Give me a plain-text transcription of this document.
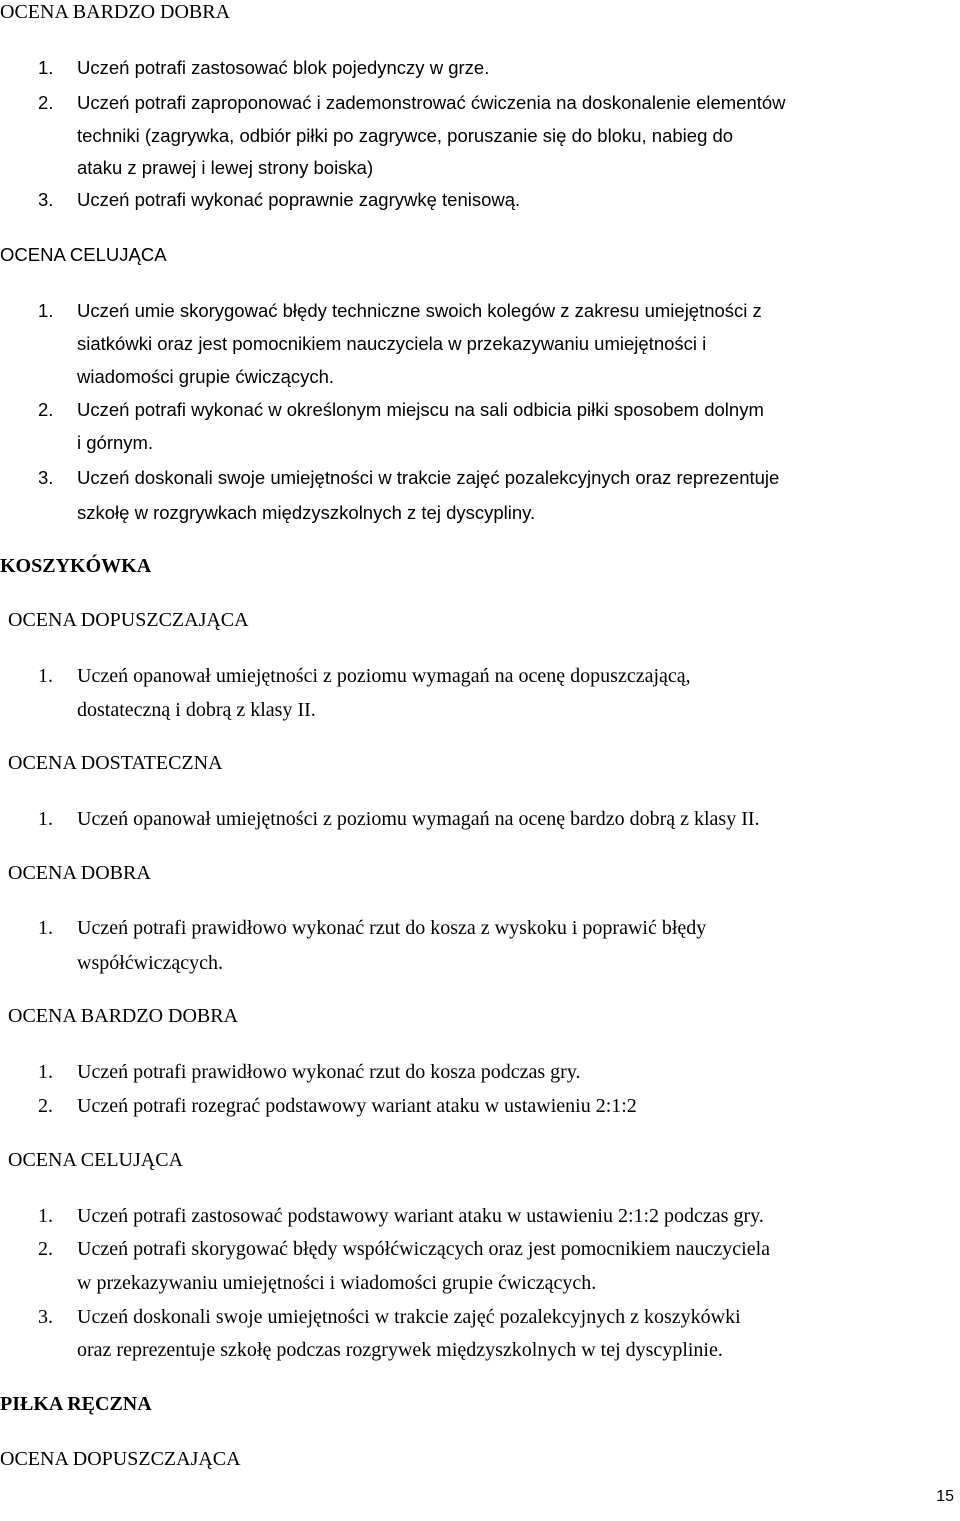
OCENA BARDZO DOBRA
1. Uczeń potrafi zastosować blok pojedynczy w grze.
2. Uczeń potrafi zaproponować i zademonstrować ćwiczenia na doskonalenie elementów
techniki (zagrywka, odbiór piłki po zagrywce, poruszanie się do bloku, nabieg do
ataku z prawej i lewej strony boiska)
3. Uczeń potrafi wykonać poprawnie zagrywkę tenisową.
OCENA CELUJĄCA
1. Uczeń umie skorygować błędy techniczne swoich kolegów z zakresu umiejętności z
siatkówki oraz jest pomocnikiem nauczyciela w przekazywaniu umiejętności i
wiadomości grupie ćwiczących.
2. Uczeń potrafi wykonać w określonym miejscu na sali odbicia piłki sposobem dolnym
i górnym.
3. Uczeń doskonali swoje umiejętności w trakcie zajęć pozalekcyjnych oraz reprezentuje
szkołę w rozgrywkach międzyszkolnych z tej dyscypliny.
KOSZYKÓWKA
OCENA DOPUSZCZAJĄCA
1. Uczeń opanował umiejętności z poziomu wymagań na ocenę dopuszczającą,
dostateczną i dobrą z klasy II.
OCENA DOSTATECZNA
1. Uczeń opanował umiejętności z poziomu wymagań na ocenę bardzo dobrą z klasy II.
OCENA DOBRA
1. Uczeń potrafi prawidłowo wykonać rzut do kosza z wyskoku i poprawić błędy
współćwiczących.
OCENA BARDZO DOBRA
1. Uczeń potrafi prawidłowo wykonać rzut do kosza podczas gry.
2. Uczeń potrafi rozegrać podstawowy wariant ataku w ustawieniu 2:1:2
OCENA CELUJĄCA
1. Uczeń potrafi zastosować podstawowy wariant ataku w ustawieniu 2:1:2 podczas gry.
2. Uczeń potrafi skorygować błędy współćwiczących oraz jest pomocnikiem nauczyciela
w przekazywaniu umiejętności i wiadomości grupie ćwiczących.
3. Uczeń doskonali swoje umiejętności w trakcie zajęć pozalekcyjnych z koszykówki
oraz reprezentuje szkołę podczas rozgrywek międzyszkolnych w tej dyscyplinie.
PIŁKA RĘCZNA
OCENA DOPUSZCZAJĄCA
15
